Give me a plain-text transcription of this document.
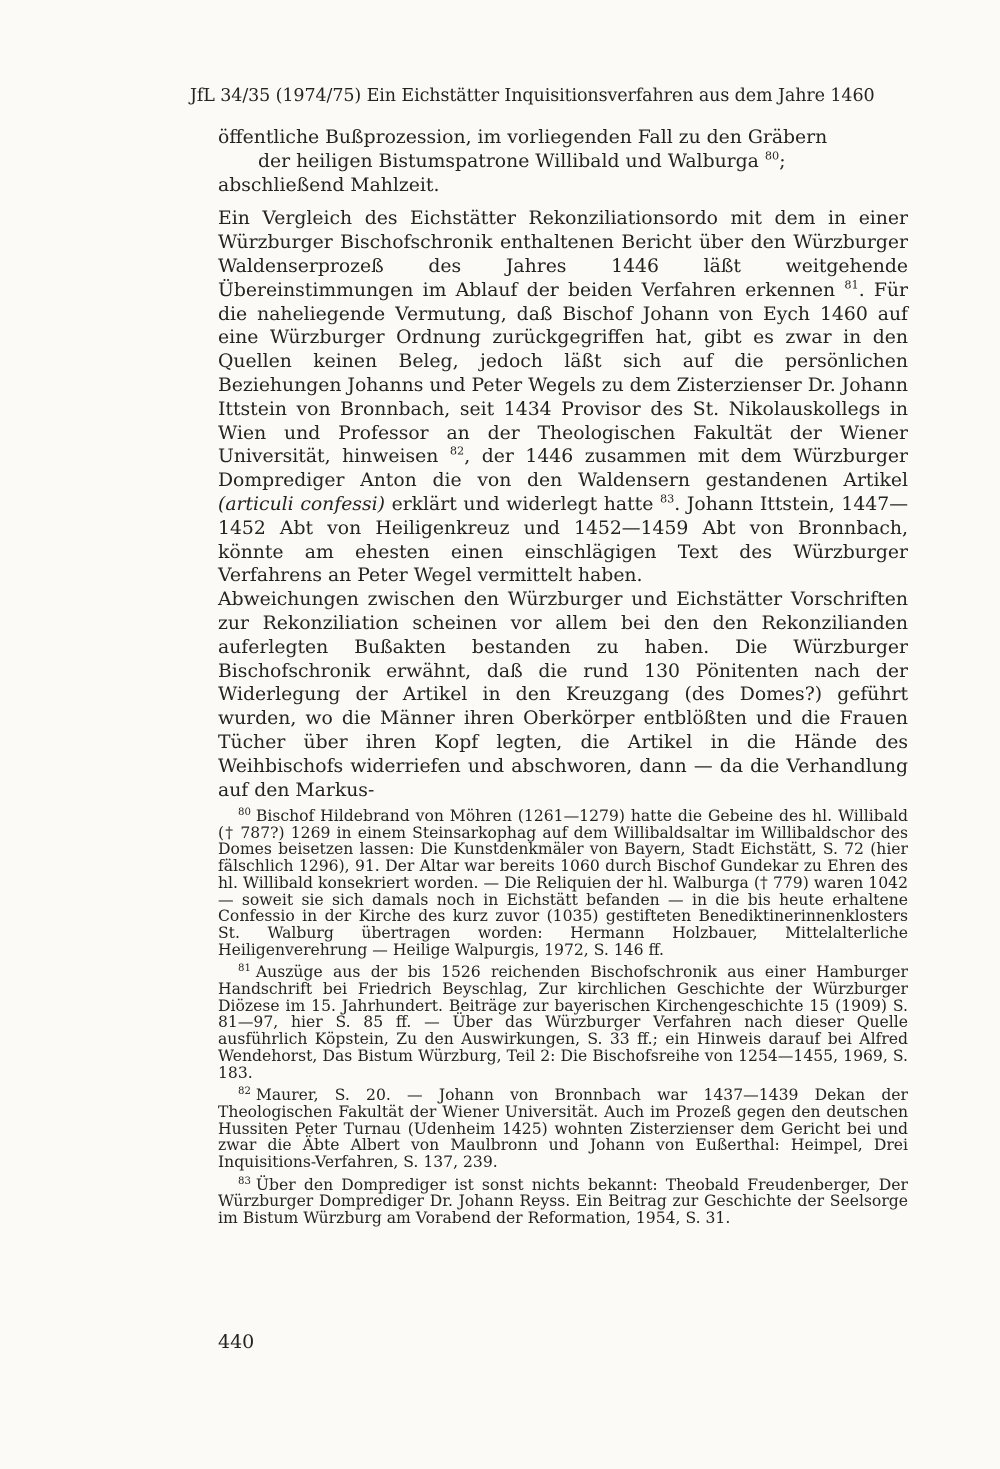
JfL 34/35 (1974/75) Ein Eichstätter Inquisitionsverfahren aus dem Jahre 1460

öffentliche Bußprozession, im vorliegenden Fall zu den Gräbern

der heiligen Bistumspatrone Willibald und Walburga $^{80}$;

abschließend Mahlzeit.

Ein Vergleich des Eichstätter Rekonziliationsordo mit dem in einer Würzburger Bischofschronik enthaltenen Bericht über den Würzburger Waldenserprozeß des Jahres 1446 läßt weitgehende Übereinstimmungen im Ablauf der beiden Verfahren erkennen $^{81}$. Für die naheliegende Vermutung, daß Bischof Johann von Eych 1460 auf eine Würzburger Ordnung zurückgegriffen hat, gibt es zwar in den Quellen keinen Beleg, jedoch läßt sich auf die persönlichen Beziehungen Johanns und Peter Wegels zu dem Zisterzienser Dr. Johann Ittstein von Bronnbach, seit 1434 Provisor des St. Nikolauskollegs in Wien und Professor an der Theologischen Fakultät der Wiener Universität, hinweisen $^{82}$, der 1446 zusammen mit dem Würzburger Domprediger Anton die von den Waldensern gestandenen Artikel (articuli confessi) erklärt und widerlegt hatte $^{83}$. Johann Ittstein, 1447—1452 Abt von Heiligenkreuz und 1452—1459 Abt von Bronnbach, könnte am ehesten einen einschlägigen Text des Würzburger Verfahrens an Peter Wegel vermittelt haben.

Abweichungen zwischen den Würzburger und Eichstätter Vorschriften zur Rekonziliation scheinen vor allem bei den den Rekonzilianden auferlegten Bußakten bestanden zu haben. Die Würzburger Bischofschronik erwähnt, daß die rund 130 Pönitenten nach der Widerlegung der Artikel in den Kreuzgang (des Domes?) geführt wurden, wo die Männer ihren Oberkörper entblößten und die Frauen Tücher über ihren Kopf legten, die Artikel in die Hände des Weihbischofs widerriefen und abschworen, dann — da die Verhandlung auf den Markus-

$^{80}$ Bischof Hildebrand von Möhren (1261—1279) hatte die Gebeine des hl. Willibald († 787?) 1269 in einem Steinsarkophag auf dem Willibaldsaltar im Willibaldschor des Domes beisetzen lassen: Die Kunstdenkmäler von Bayern, Stadt Eichstätt, S. 72 (hier fälschlich 1296), 91. Der Altar war bereits 1060 durch Bischof Gundekar zu Ehren des hl. Willibald konsekriert worden. — Die Reliquien der hl. Walburga († 779) waren 1042 — soweit sie sich damals noch in Eichstätt befanden — in die bis heute erhaltene Confessio in der Kirche des kurz zuvor (1035) gestifteten Benediktinerinnenklosters St. Walburg übertragen worden: Hermann Holzbauer, Mittelalterliche Heiligenverehrung — Heilige Walpurgis, 1972, S. 146 ff.

$^{81}$ Auszüge aus der bis 1526 reichenden Bischofschronik aus einer Hamburger Handschrift bei Friedrich Beyschlag, Zur kirchlichen Geschichte der Würzburger Diözese im 15. Jahrhundert. Beiträge zur bayerischen Kirchengeschichte 15 (1909) S. 81—97, hier S. 85 ff. — Über das Würzburger Verfahren nach dieser Quelle ausführlich Köpstein, Zu den Auswirkungen, S. 33 ff.; ein Hinweis darauf bei Alfred Wendehorst, Das Bistum Würzburg, Teil 2: Die Bischofsreihe von 1254—1455, 1969, S. 183.

$^{82}$ Maurer, S. 20. — Johann von Bronnbach war 1437—1439 Dekan der Theologischen Fakultät der Wiener Universität. Auch im Prozeß gegen den deutschen Hussiten Peter Turnau (Udenheim 1425) wohnten Zisterzienser dem Gericht bei und zwar die Äbte Albert von Maulbronn und Johann von Eußerthal: Heimpel, Drei Inquisitions-Verfahren, S. 137, 239.

$^{83}$ Über den Domprediger ist sonst nichts bekannt: Theobald Freudenberger, Der Würzburger Domprediger Dr. Johann Reyss. Ein Beitrag zur Geschichte der Seelsorge im Bistum Würzburg am Vorabend der Reformation, 1954, S. 31.

440
